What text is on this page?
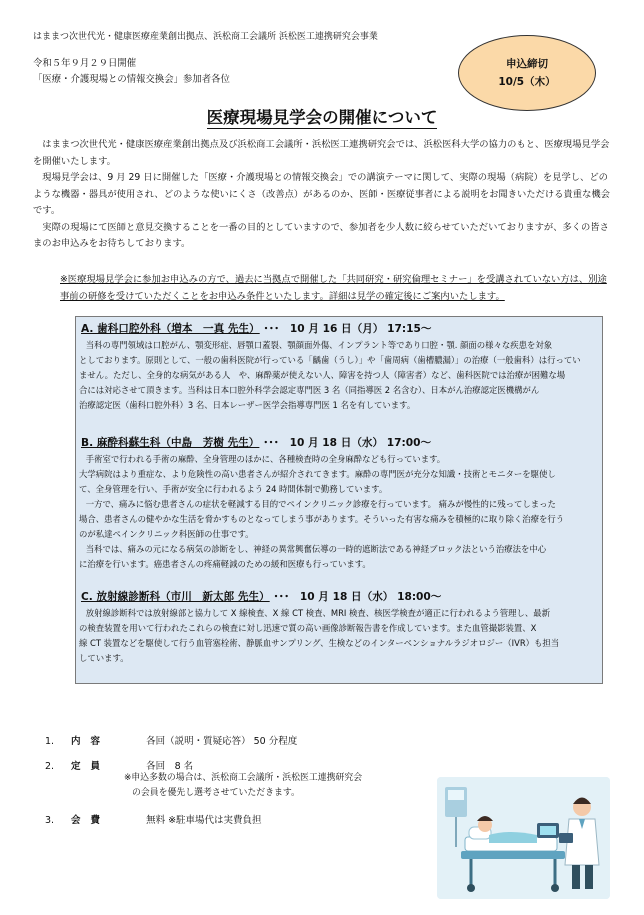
はままつ次世代光・健康医療産業創出拠点、浜松商工会議所 浜松医工連携研究会事業
令和５年９月２９日開催
「医療・介護現場との情報交換会」参加者各位
申込締切
10/5（木）
医療現場見学会の開催について

はままつ次世代光・健康医療産業創出拠点及び浜松商工会議所・浜松医工連携研究会では、浜松医科大学の協力のもと、医療現場見学会を開催いたします。

現場見学会は、9 月 29 日に開催した「医療・介護現場との情報交換会」での講演テーマに関して、実際の現場（病院）を見学し、どのような機器・器具が使用され、どのような使いにくさ（改善点）があるのか、医師・医療従事者による説明をお聞きいただける貴重な機会です。

実際の現場にて医師と意見交換することを一番の目的としていますので、参加者を少人数に絞らせていただいておりますが、多くの皆さまのお申込みをお待ちしております。

※医療現場見学会に参加お申込みの方で、過去に当拠点で開催した「共同研究・研究倫理セミナー」を受講されていない方は、別途事前の研修を受けていただくことをお申込み条件といたします。詳細は見学の確定後にご案内いたします。
A. 歯科口腔外科（増本　一真 先生） ･･･　10 月 16 日（月） 17:15～

当科の専門領域は口腔がん、顎変形症、唇顎口蓋裂、顎顔面外傷、インプラント等であり口腔・顎. 顔面の様々な疾患を対象

としております。原則として、一般の歯科医院が行っている「齲歯（うし）」や「歯周病（歯槽膿漏）」の治療（一般歯科）は行ってい

ません。ただし、全身的な病気がある人　や、麻酔薬が使えない人、障害を持つ人（障害者）など、歯科医院では治療が困難な場

合には対応させて頂きます。当科は日本口腔外科学会認定専門医 3 名（同指導医 2 名含む）、日本がん治療認定医機構がん

治療認定医（歯科口腔外科）3 名、日本レーザー医学会指導専門医 1 名を有しています。

B. 麻酔科蘇生科（中島　芳樹 先生） ･･･　10 月 18 日（水） 17:00～

手術室で行われる手術の麻酔、全身管理のほかに、各種検査時の全身麻酔なども行っています。

大学病院はより重症な、より危険性の高い患者さんが紹介されてきます。麻酔の専門医が充分な知識・技術とモニターを駆使し

て、全身管理を行い、手術が安全に行われるよう 24 時間体制で勤務しています。

一方で、痛みに悩む患者さんの症状を軽減する目的でペインクリニック診療を行っています。 痛みが慢性的に残ってしまった

場合、患者さんの健やかな生活を脅かすものとなってしまう事があります。そういった有害な痛みを積極的に取り除く治療を行う

のが私達ペインクリニック科医師の仕事です。

当科では、痛みの元になる病気の診断をし、神経の異常興奮伝導の一時的遮断法である神経ブロック法という治療法を中心

に治療を行います。癌患者さんの疼痛軽減のための緩和医療も行っています。

C. 放射線診断科（市川　新太郎 先生） ･･･　10 月 18 日（水） 18:00～

放射線診断科では放射線部と協力して X 線検査、X 線 CT 検査、MRI 検査、核医学検査が適正に行われるよう管理し、最新

の検査装置を用いて行われたこれらの検査に対し迅速で質の高い画像診断報告書を作成しています。また血管撮影装置、X

線 CT 装置などを駆使して行う血管塞栓術、静脈血サンプリング、生検などのインターベンショナルラジオロジー（IVR）も担当

しています。

1. 内容	各回（説明・質疑応答） 50 分程度
2. 定員	各回　8 名
※申込多数の場合は、浜松商工会議所・浜松医工連携研究会
の会員を優先し選考させていただきます。
3. 会費	無料 ※駐車場代は実費負担
